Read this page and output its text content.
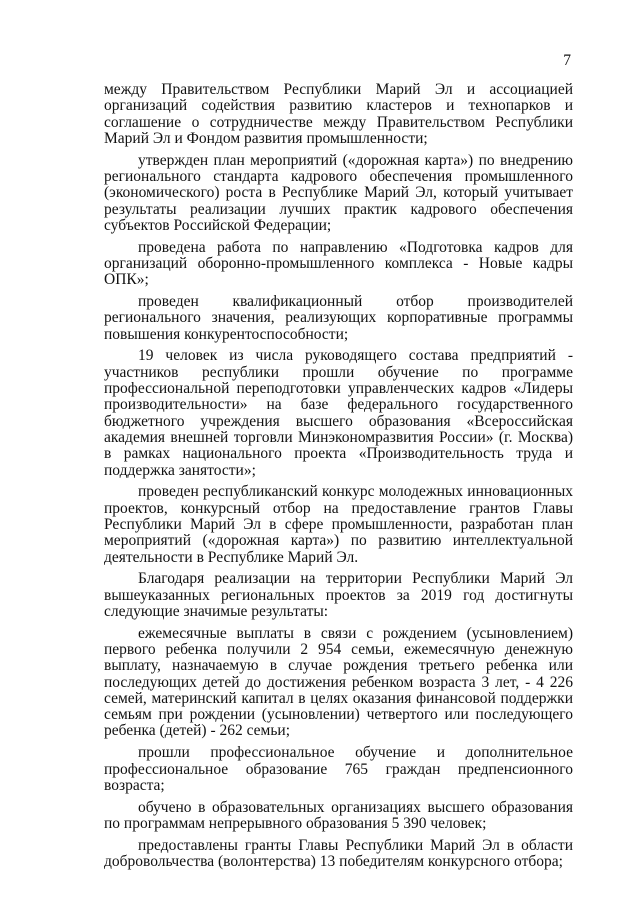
7

между Правительством Республики Марий Эл и ассоциацией организаций содействия развитию кластеров и технопарков и соглашение о сотрудничестве между Правительством Республики Марий Эл и Фондом развития промышленности;

утвержден план мероприятий («дорожная карта») по внедрению регионального стандарта кадрового обеспечения промышленного (экономического) роста в Республике Марий Эл, который учитывает результаты реализации лучших практик кадрового обеспечения субъектов Российской Федерации;

проведена работа по направлению «Подготовка кадров для организаций оборонно-промышленного комплекса - Новые кадры ОПК»;

проведен квалификационный отбор производителей регионального значения, реализующих корпоративные программы повышения конкурентоспособности;

19 человек из числа руководящего состава предприятий - участников республики прошли обучение по программе профессиональной переподготовки управленческих кадров «Лидеры производительности» на базе федерального государственного бюджетного учреждения высшего образования «Всероссийская академия внешней торговли Минэкономразвития России» (г. Москва) в рамках национального проекта «Производительность труда и поддержка занятости»;

проведен республиканский конкурс молодежных инновационных проектов, конкурсный отбор на предоставление грантов Главы Республики Марий Эл в сфере промышленности, разработан план мероприятий («дорожная карта») по развитию интеллектуальной деятельности в Республике Марий Эл.

Благодаря реализации на территории Республики Марий Эл вышеуказанных региональных проектов за 2019 год достигнуты следующие значимые результаты:

ежемесячные выплаты в связи с рождением (усыновлением) первого ребенка получили 2 954 семьи, ежемесячную денежную выплату, назначаемую в случае рождения третьего ребенка или последующих детей до достижения ребенком возраста 3 лет, - 4 226 семей, материнский капитал в целях оказания финансовой поддержки семьям при рождении (усыновлении) четвертого или последующего ребенка (детей) - 262 семьи;

прошли профессиональное обучение и дополнительное профессиональное образование 765 граждан предпенсионного возраста;

обучено в образовательных организациях высшего образования по программам непрерывного образования 5 390 человек;

предоставлены гранты Главы Республики Марий Эл в области добровольчества (волонтерства) 13 победителям конкурсного отбора;
